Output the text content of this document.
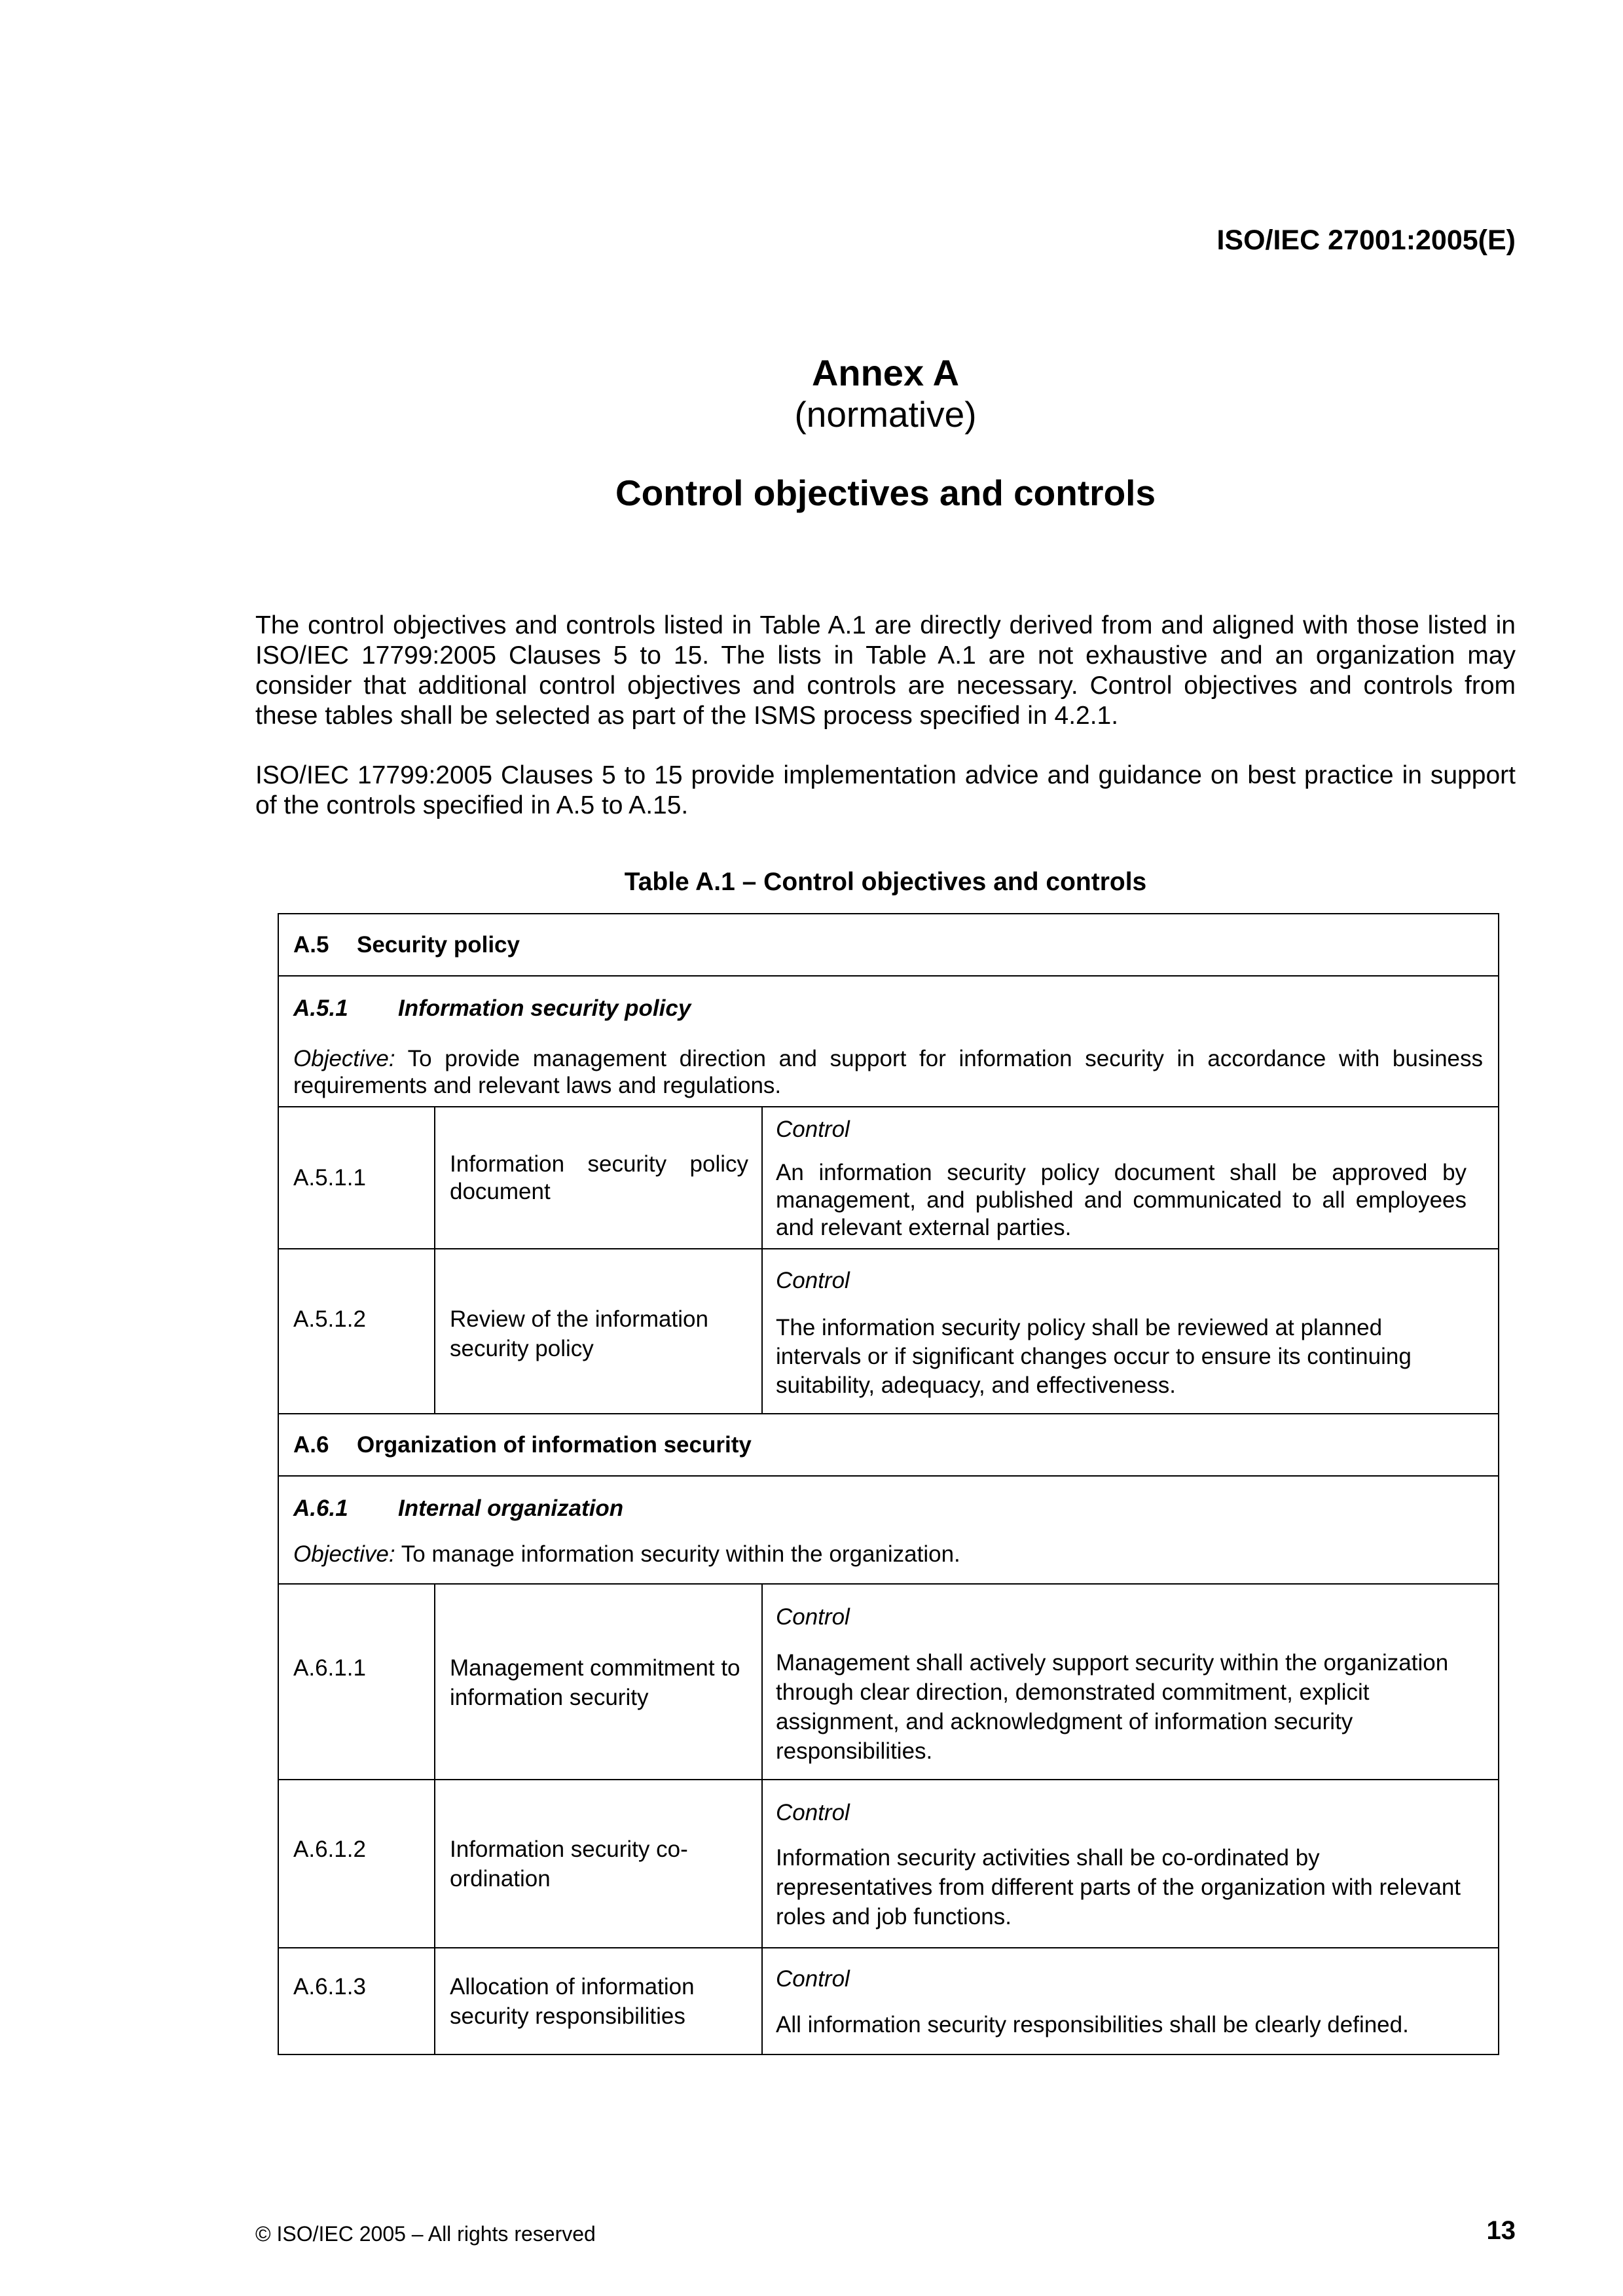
ISO/IEC 27001:2005(E)
Annex A
(normative)
Control objectives and controls

The control objectives and controls listed in Table A.1 are directly derived from and aligned with those listed in ISO/IEC 17799:2005 Clauses 5 to 15. The lists in Table A.1 are not exhaustive and an organization may consider that additional control objectives and controls are necessary. Control objectives and controls from these tables shall be selected as part of the ISMS process specified in 4.2.1.

ISO/IEC 17799:2005 Clauses 5 to 15 provide implementation advice and guidance on best practice in support of the controls specified in A.5 to A.15.

Table A.1 – Control objectives and controls
A.5 Security policy		

A.5.1 Information security policy
Objective: To provide management direction and support for information security in accordance with business requirements and relevant laws and regulations.		

A.5.1.1	Information security policy document	Control
An information security policy document shall be approved by management, and published and communicated to all employees and relevant external parties.

A.5.1.2	Review of the information security policy	Control
The information security policy shall be reviewed at planned intervals or if significant changes occur to ensure its continuing suitability, adequacy, and effectiveness.

A.6 Organization of information security		

A.6.1 Internal organization
Objective: To manage information security within the organization.		

A.6.1.1	Management commitment to information security	Control
Management shall actively support security within the organization through clear direction, demonstrated commitment, explicit assignment, and acknowledgment of information security responsibilities.

A.6.1.2	Information security co-ordination	Control
Information security activities shall be co-ordinated by representatives from different parts of the organization with relevant roles and job functions.

A.6.1.3	Allocation of information security responsibilities	Control
All information security responsibilities shall be clearly defined.
© ISO/IEC 2005 – All rights reserved	13
